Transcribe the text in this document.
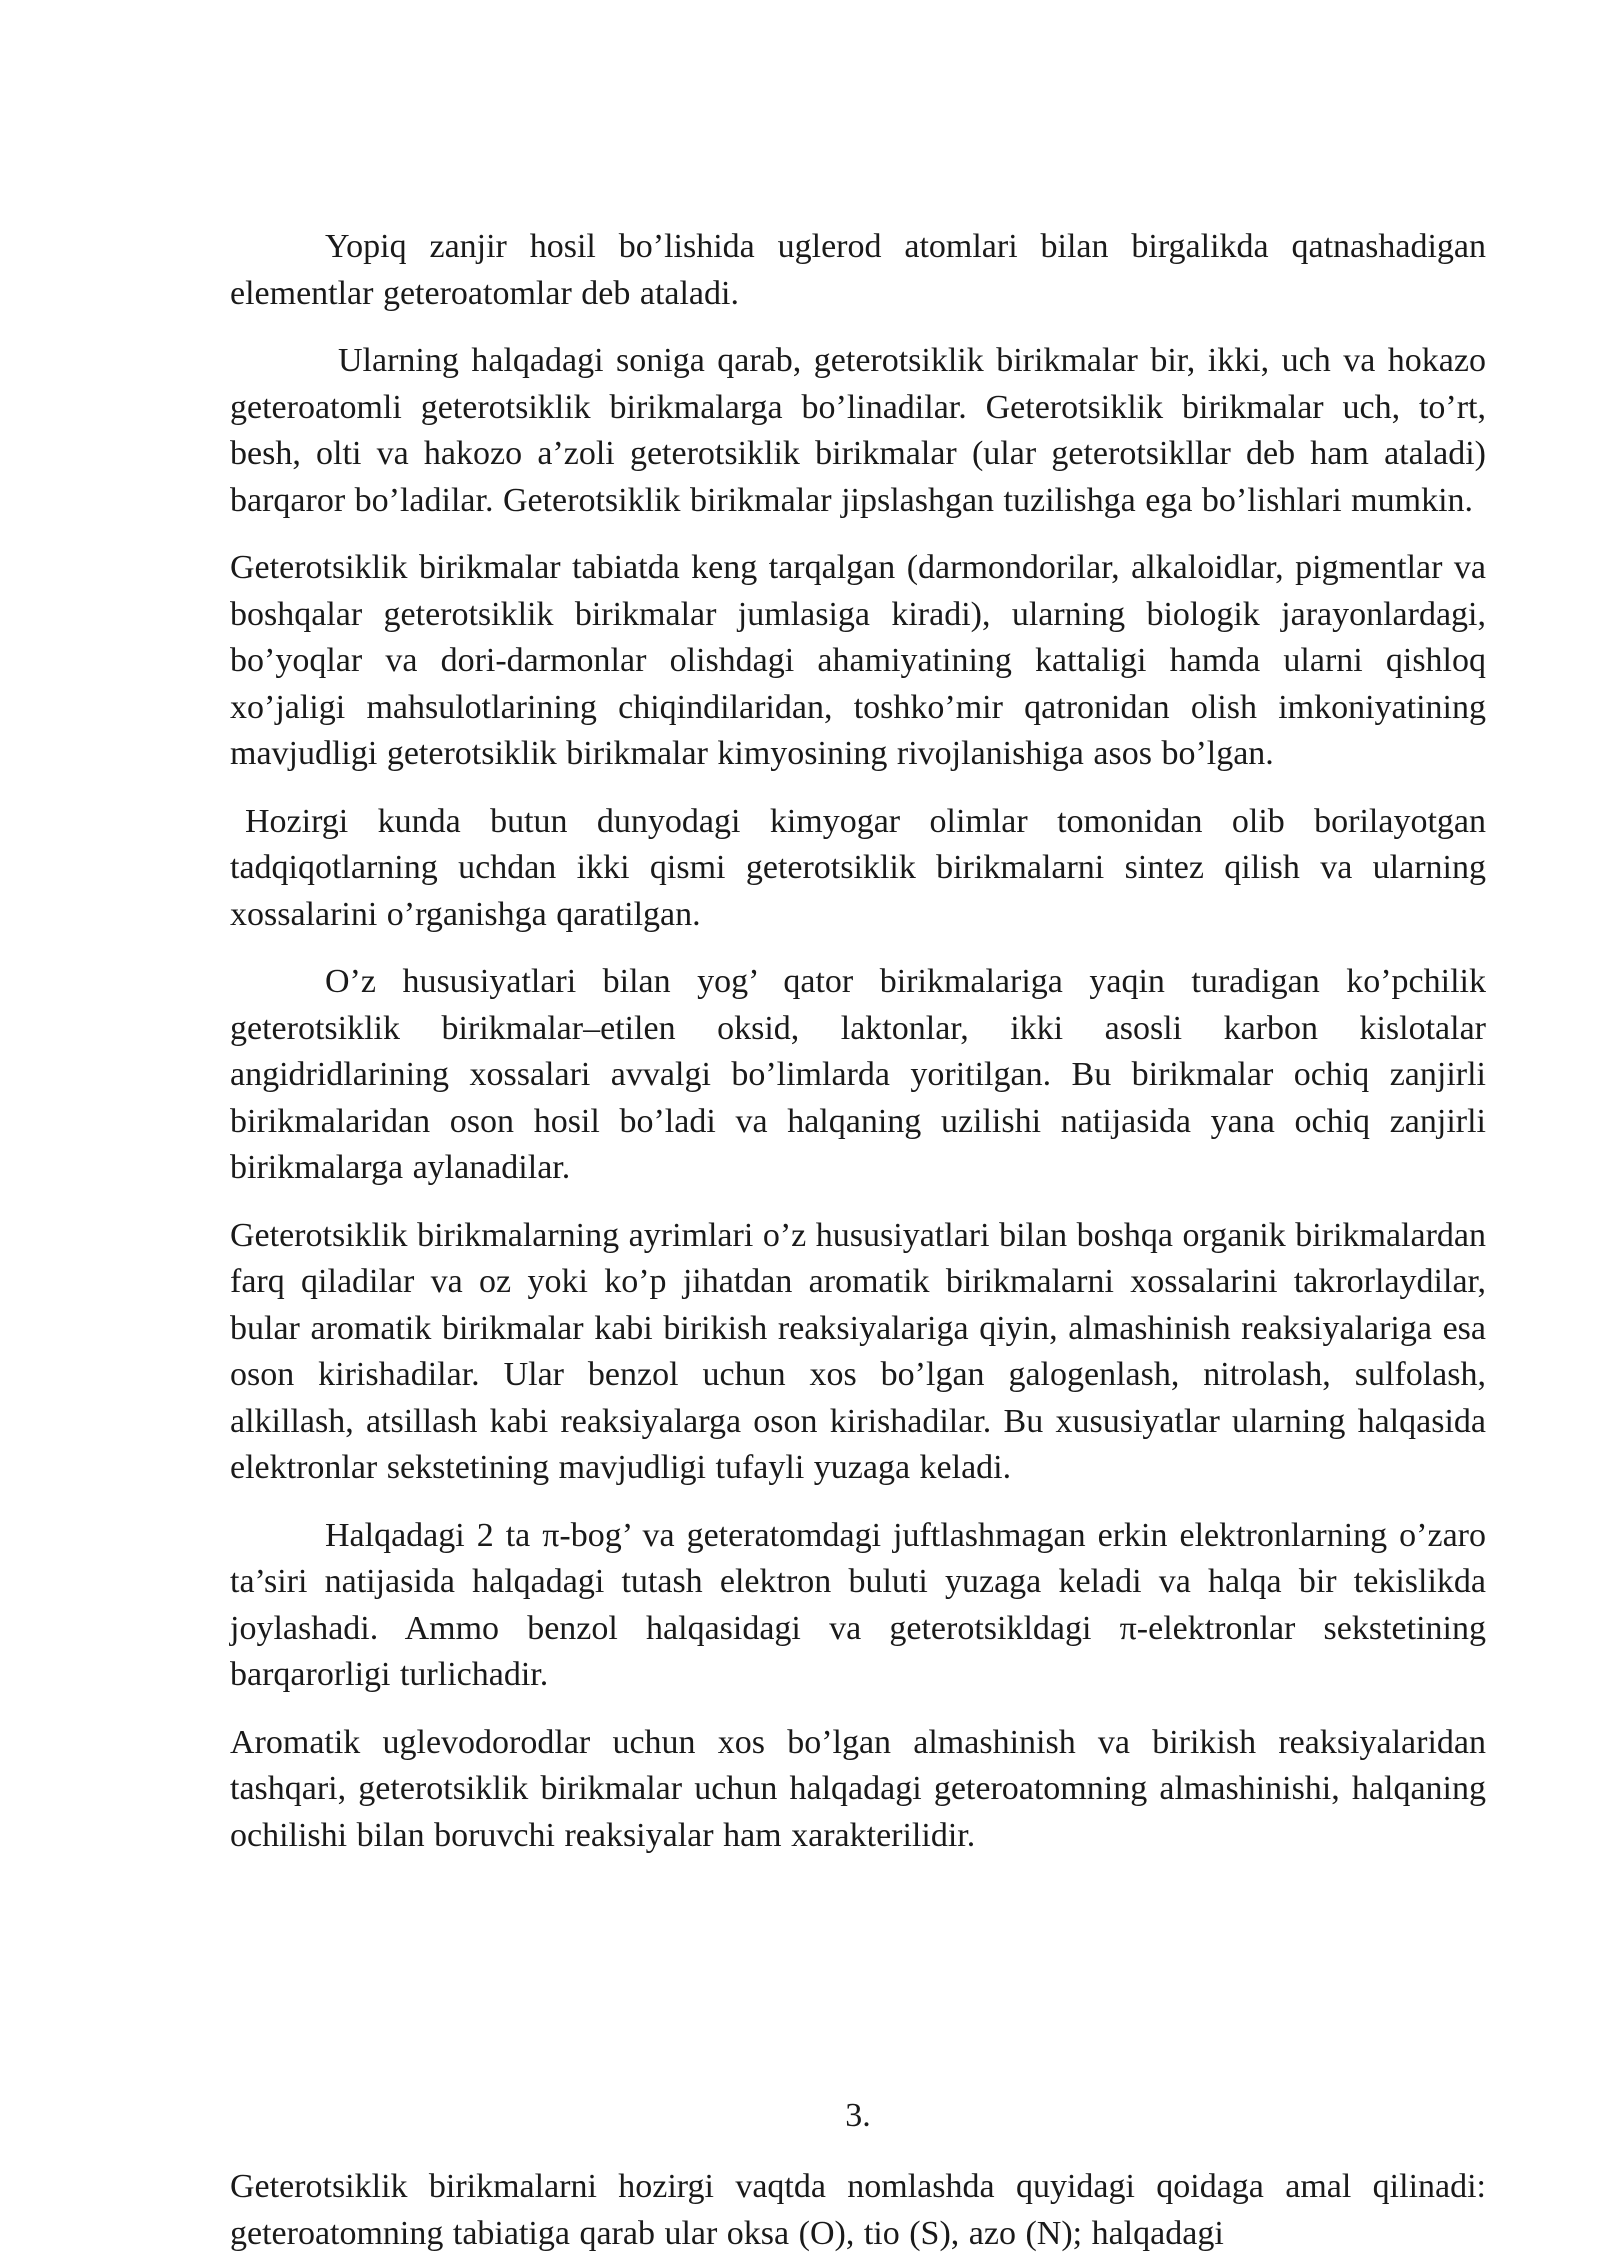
Yopiq zanjir hosil bo’lishida uglerod atomlari bilan birgalikda qatnashadigan elementlar geteroatomlar deb ataladi.

Ularning halqadagi soniga qarab, geterotsiklik birikmalar bir, ikki, uch va hokazo geteroatomli geterotsiklik birikmalarga bo’linadilar. Geterotsiklik birikmalar uch, to’rt, besh, olti va hakozo a’zoli geterotsiklik birikmalar (ular geterotsikllar deb ham ataladi) barqaror bo’ladilar. Geterotsiklik birikmalar jipslashgan tuzilishga ega bo’lishlari mumkin.

Geterotsiklik birikmalar tabiatda keng tarqalgan (darmondorilar, alkaloidlar, pigmentlar va boshqalar geterotsiklik birikmalar jumlasiga kiradi), ularning biologik jarayonlardagi, bo’yoqlar va dori-darmonlar olishdagi ahamiyatining kattaligi hamda ularni qishloq xo’jaligi mahsulotlarining chiqindilaridan, toshko’mir qatronidan olish imkoniyatining mavjudligi geterotsiklik birikmalar kimyosining rivojlanishiga asos bo’lgan.

Hozirgi kunda butun dunyodagi kimyogar olimlar tomonidan olib borilayotgan tadqiqotlarning uchdan ikki qismi geterotsiklik birikmalarni sintez qilish va ularning xossalarini o’rganishga qaratilgan.

O’z hususiyatlari bilan yog’ qator birikmalariga yaqin turadigan ko’pchilik geterotsiklik birikmalar–etilen oksid, laktonlar, ikki asosli karbon kislotalar angidridlarining xossalari avvalgi bo’limlarda yoritilgan. Bu birikmalar ochiq zanjirli birikmalaridan oson hosil bo’ladi va halqaning uzilishi natijasida yana ochiq zanjirli birikmalarga aylanadilar.

Geterotsiklik birikmalarning ayrimlari o’z hususiyatlari bilan boshqa organik birikmalardan farq qiladilar va oz yoki ko’p jihatdan aromatik birikmalarni xossalarini takrorlaydilar, bular aromatik birikmalar kabi birikish reaksiyalariga qiyin, almashinish reaksiyalariga esa oson kirishadilar. Ular benzol uchun xos bo’lgan galogenlash, nitrolash, sulfolash, alkillash, atsillash kabi reaksiyalarga oson kirishadilar. Bu xususiyatlar ularning halqasida elektronlar sekstetining mavjudligi tufayli yuzaga keladi.

Halqadagi 2 ta π-bog’ va geteratomdagi juftlashmagan erkin elektronlarning o’zaro ta’siri natijasida halqadagi tutash elektron buluti yuzaga keladi va halqa bir tekislikda joylashadi. Ammo benzol halqasidagi va geterotsikldagi π-elektronlar sekstetining barqarorligi turlichadir.

Aromatik uglevodorodlar uchun xos bo’lgan almashinish va birikish reaksiyalaridan tashqari, geterotsiklik birikmalar uchun halqadagi geteroatomning almashinishi, halqaning ochilishi bilan boruvchi reaksiyalar ham xarakterilidir.

3.

Geterotsiklik birikmalarni hozirgi vaqtda nomlashda quyidagi qoidaga amal qilinadi: geteroatomning tabiatiga qarab ular oksa (O), tio (S), azo (N); halqadagi
